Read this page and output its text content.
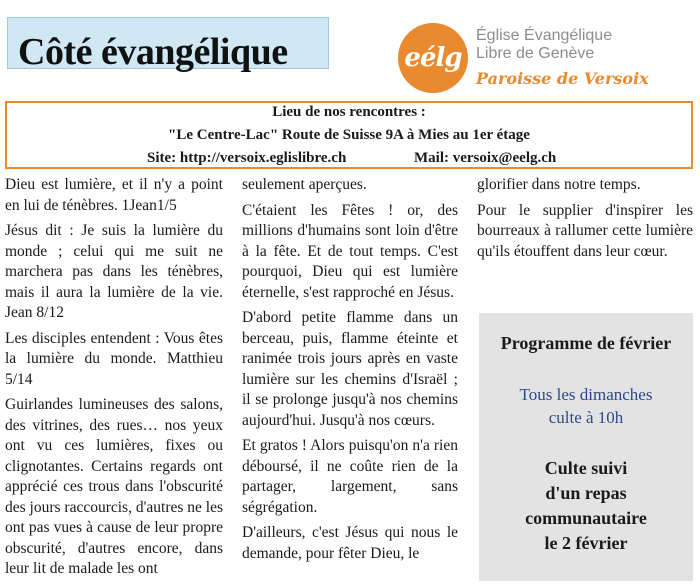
Côté évangélique	eélg
Église Évangélique
Libre de Genève
Paroisse de Versoix
Lieu de nos rencontres :
"Le Centre-Lac" Route de Suisse 9A à Mies au 1er étage
Site: http://versoix.eglislibre.ch	Mail: versoix@eelg.ch

Dieu est lumière, et il n'y a point en lui de ténèbres. 1Jean1/5

Jésus dit : Je suis la lumière du monde ; celui qui me suit ne marchera pas dans les ténèbres, mais il aura la lumière de la vie. Jean 8/12

Les disciples entendent : Vous êtes la lumière du monde. Matthieu 5/14

Guirlandes lumineuses des salons, des vitrines, des rues… nos yeux ont vu ces lumières, fixes ou clignotantes. Certains regards ont apprécié ces trous dans l'obscurité des jours raccourcis, d'autres ne les ont pas vues à cause de leur propre obscurité, d'autres encore, dans leur lit de malade les ont

seulement aperçues.

C'étaient les Fêtes ! or, des millions d'humains sont loin d'être à la fête. Et de tout temps. C'est pourquoi, Dieu qui est lumière éternelle, s'est rapproché en Jésus.

D'abord petite flamme dans un berceau, puis, flamme éteinte et ranimée trois jours après en vaste lumière sur les chemins d'Israël ; il se prolonge jusqu'à nos chemins aujourd'hui. Jusqu'à nos cœurs.

Et gratos ! Alors puisqu'on n'a rien déboursé, il ne coûte rien de la partager, largement, sans ségrégation.

D'ailleurs, c'est Jésus qui nous le demande, pour fêter Dieu, le

glorifier dans notre temps.

Pour le supplier d'inspirer les bourreaux à rallumer cette lumière qu'ils étouffent dans leur cœur.

Programme de février
Tous les dimanches
culte à 10h
Culte suivi
d'un repas
communautaire
le 2 février
